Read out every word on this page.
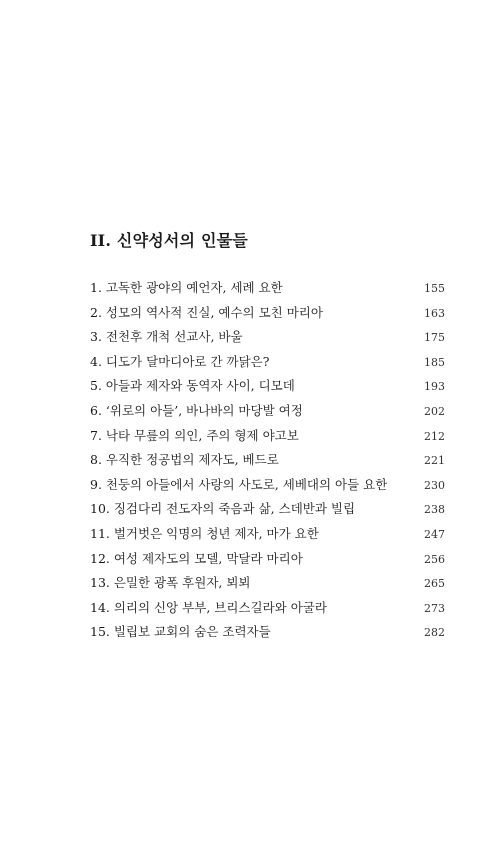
II. 신약성서의 인물들
1. 고독한 광야의 예언자, 세례 요한	155
2. 성모의 역사적 진실, 예수의 모친 마리아	163
3. 전천후 개척 선교사, 바울	175
4. 디도가 달마디아로 간 까닭은?	185
5. 아들과 제자와 동역자 사이, 디모데	193
6. ‘위로의 아들’, 바나바의 마당발 여정	202
7. 낙타 무릎의 의인, 주의 형제 야고보	212
8. 우직한 정공법의 제자도, 베드로	221
9. 천둥의 아들에서 사랑의 사도로, 세베대의 아들 요한	230
10. 징검다리 전도자의 죽음과 삶, 스데반과 빌립	238
11. 벌거벗은 익명의 청년 제자, 마가 요한	247
12. 여성 제자도의 모델, 막달라 마리아	256
13. 은밀한 광폭 후원자, 뵈뵈	265
14. 의리의 신앙 부부, 브리스길라와 아굴라	273
15. 빌립보 교회의 숨은 조력자들	282
